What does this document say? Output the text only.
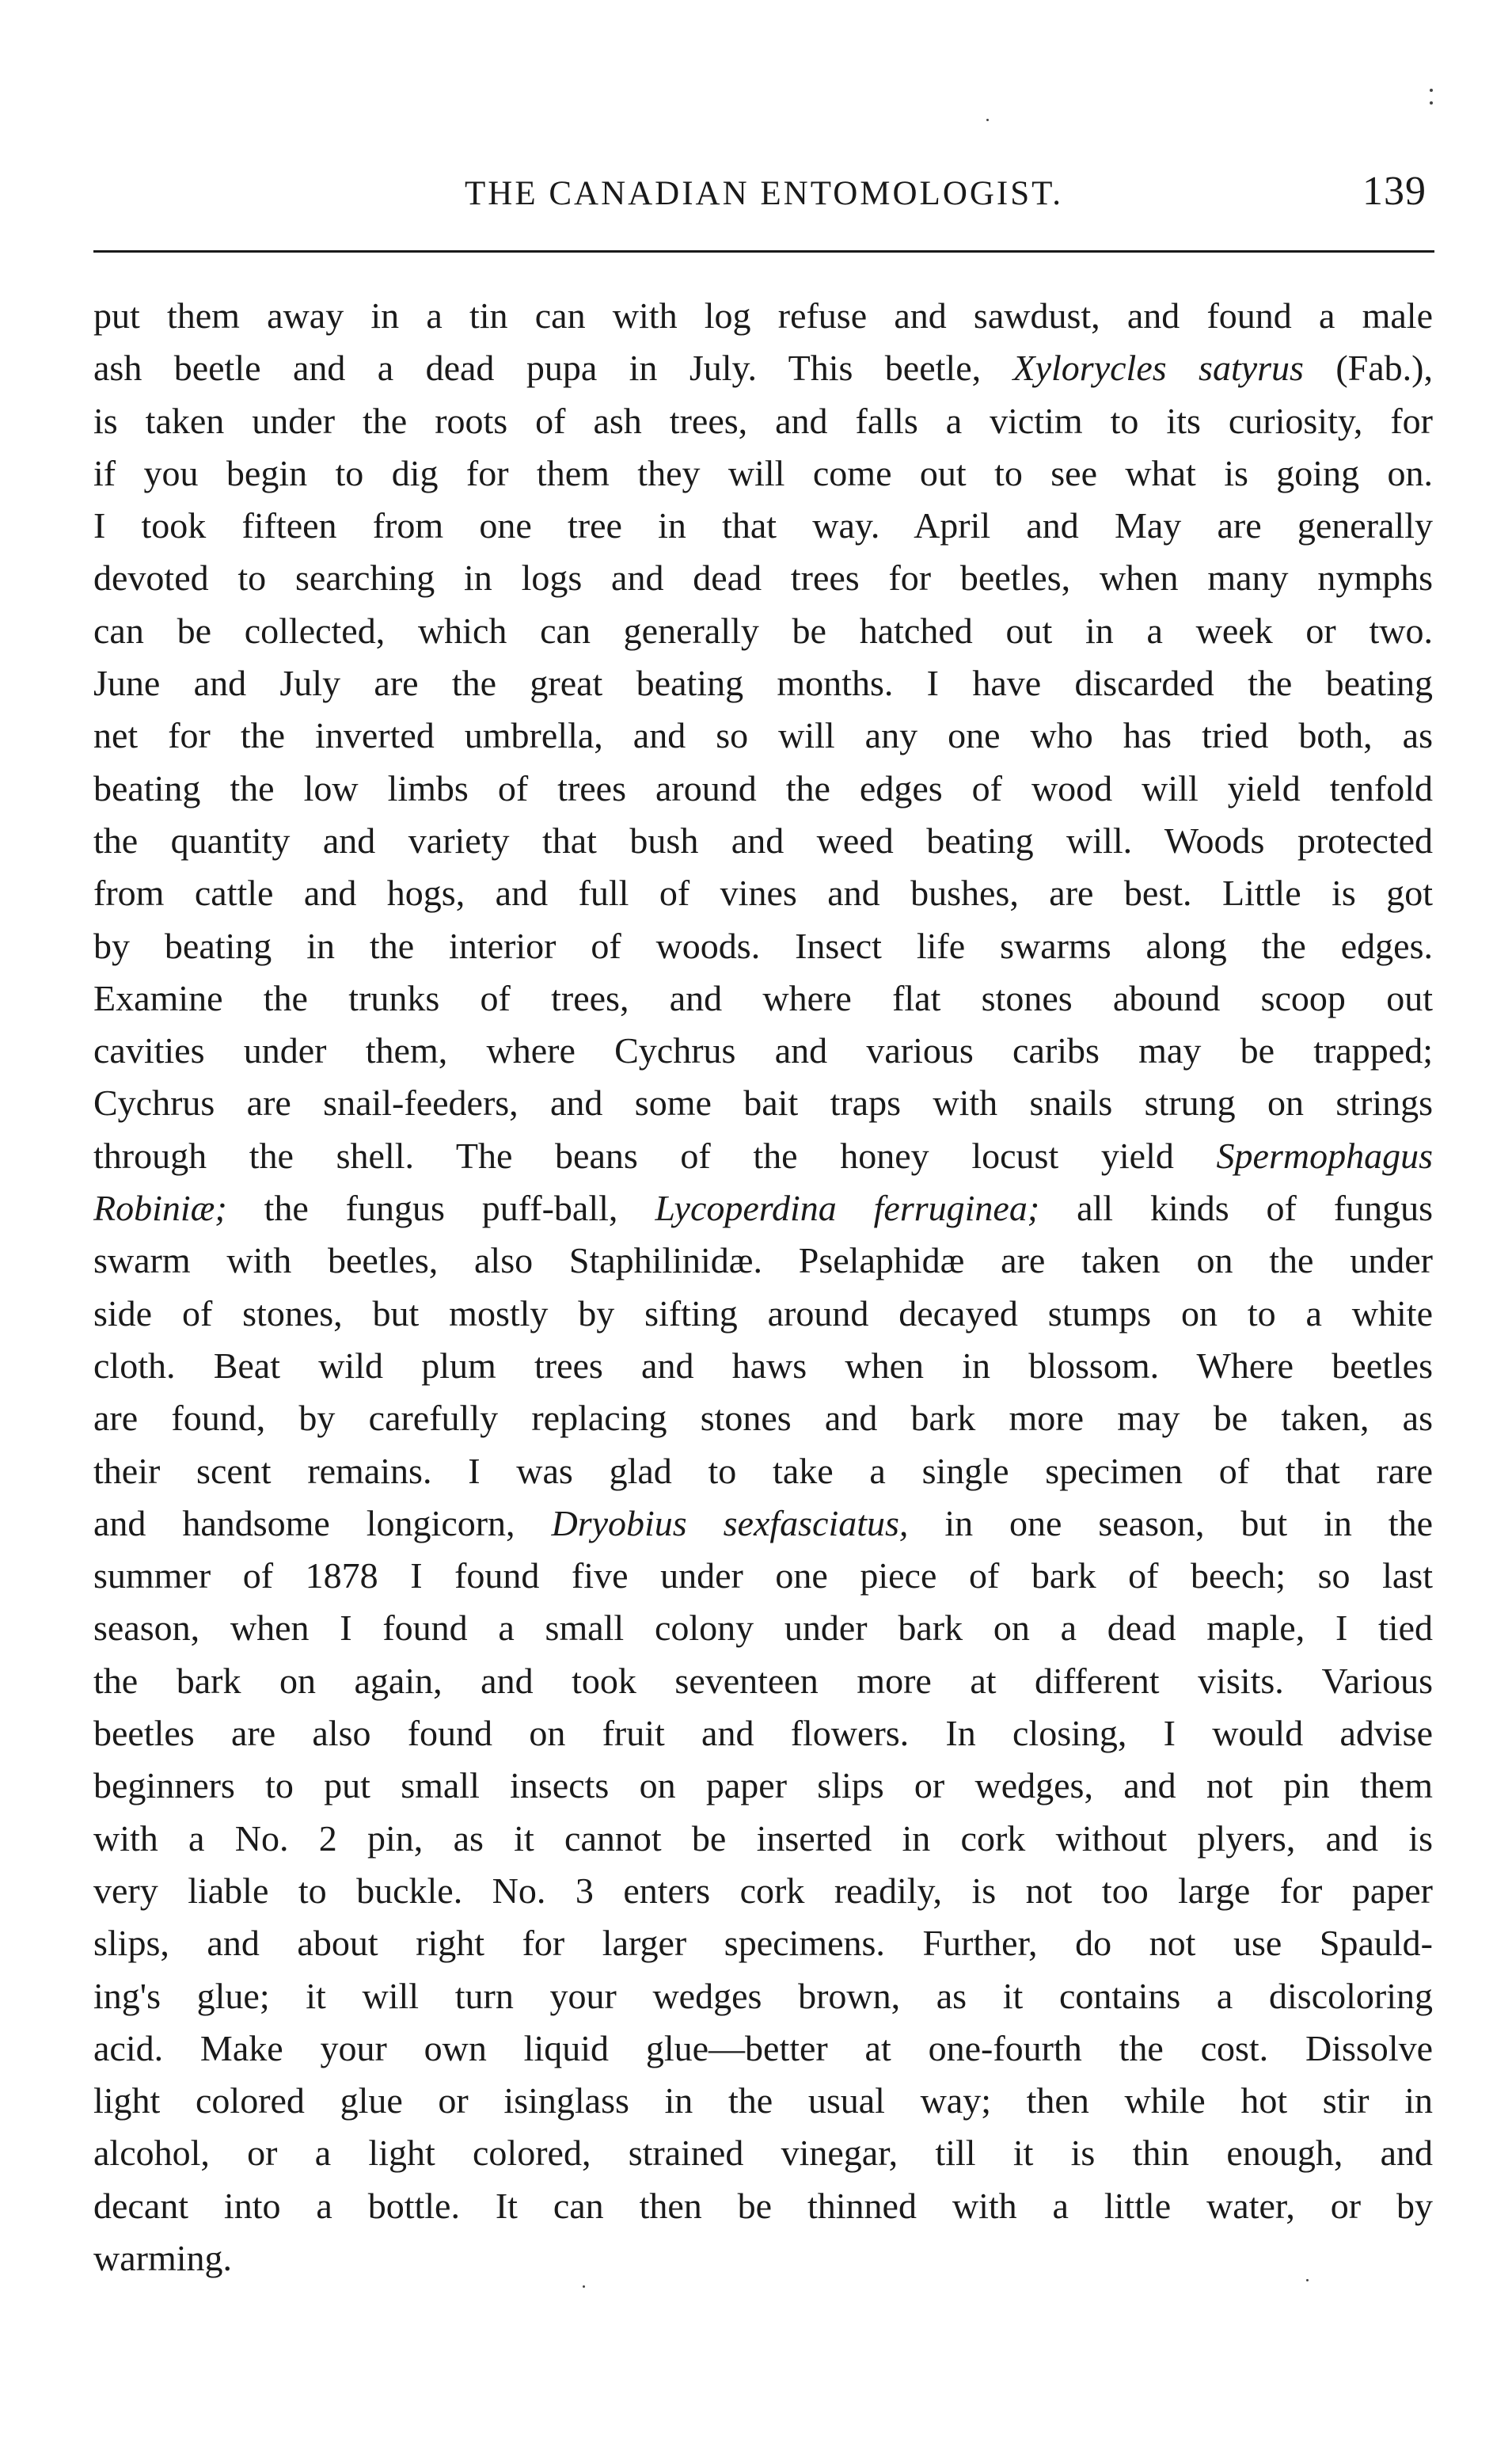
THE CANADIAN ENTOMOLOGIST.	139
put them away in a tin can with log refuse and sawdust, and found a male
ash beetle and a dead pupa in July. This beetle, Xylorycles satyrus (Fab.),
is taken under the roots of ash trees, and falls a victim to its curiosity, for
if you begin to dig for them they will come out to see what is going on.
I took fifteen from one tree in that way. April and May are generally
devoted to searching in logs and dead trees for beetles, when many nymphs
can be collected, which can generally be hatched out in a week or two.
June and July are the great beating months. I have discarded the beating
net for the inverted umbrella, and so will any one who has tried both, as
beating the low limbs of trees around the edges of wood will yield tenfold
the quantity and variety that bush and weed beating will. Woods protected
from cattle and hogs, and full of vines and bushes, are best. Little is got
by beating in the interior of woods. Insect life swarms along the edges.
Examine the trunks of trees, and where flat stones abound scoop out
cavities under them, where Cychrus and various caribs may be trapped;
Cychrus are snail-feeders, and some bait traps with snails strung on strings
through the shell. The beans of the honey locust yield Spermophagus
Robiniæ; the fungus puff-ball, Lycoperdina ferruginea; all kinds of fungus
swarm with beetles, also Staphilinidæ. Pselaphidæ are taken on the under
side of stones, but mostly by sifting around decayed stumps on to a white
cloth. Beat wild plum trees and haws when in blossom. Where beetles
are found, by carefully replacing stones and bark more may be taken, as
their scent remains. I was glad to take a single specimen of that rare
and handsome longicorn, Dryobius sexfasciatus, in one season, but in the
summer of 1878 I found five under one piece of bark of beech; so last
season, when I found a small colony under bark on a dead maple, I tied
the bark on again, and took seventeen more at different visits. Various
beetles are also found on fruit and flowers. In closing, I would advise
beginners to put small insects on paper slips or wedges, and not pin them
with a No. 2 pin, as it cannot be inserted in cork without plyers, and is
very liable to buckle. No. 3 enters cork readily, is not too large for paper
slips, and about right for larger specimens. Further, do not use Spauld-
ing's glue; it will turn your wedges brown, as it contains a discoloring
acid. Make your own liquid glue—better at one-fourth the cost. Dissolve
light colored glue or isinglass in the usual way; then while hot stir in
alcohol, or a light colored, strained vinegar, till it is thin enough, and
decant into a bottle. It can then be thinned with a little water, or by
warming.
